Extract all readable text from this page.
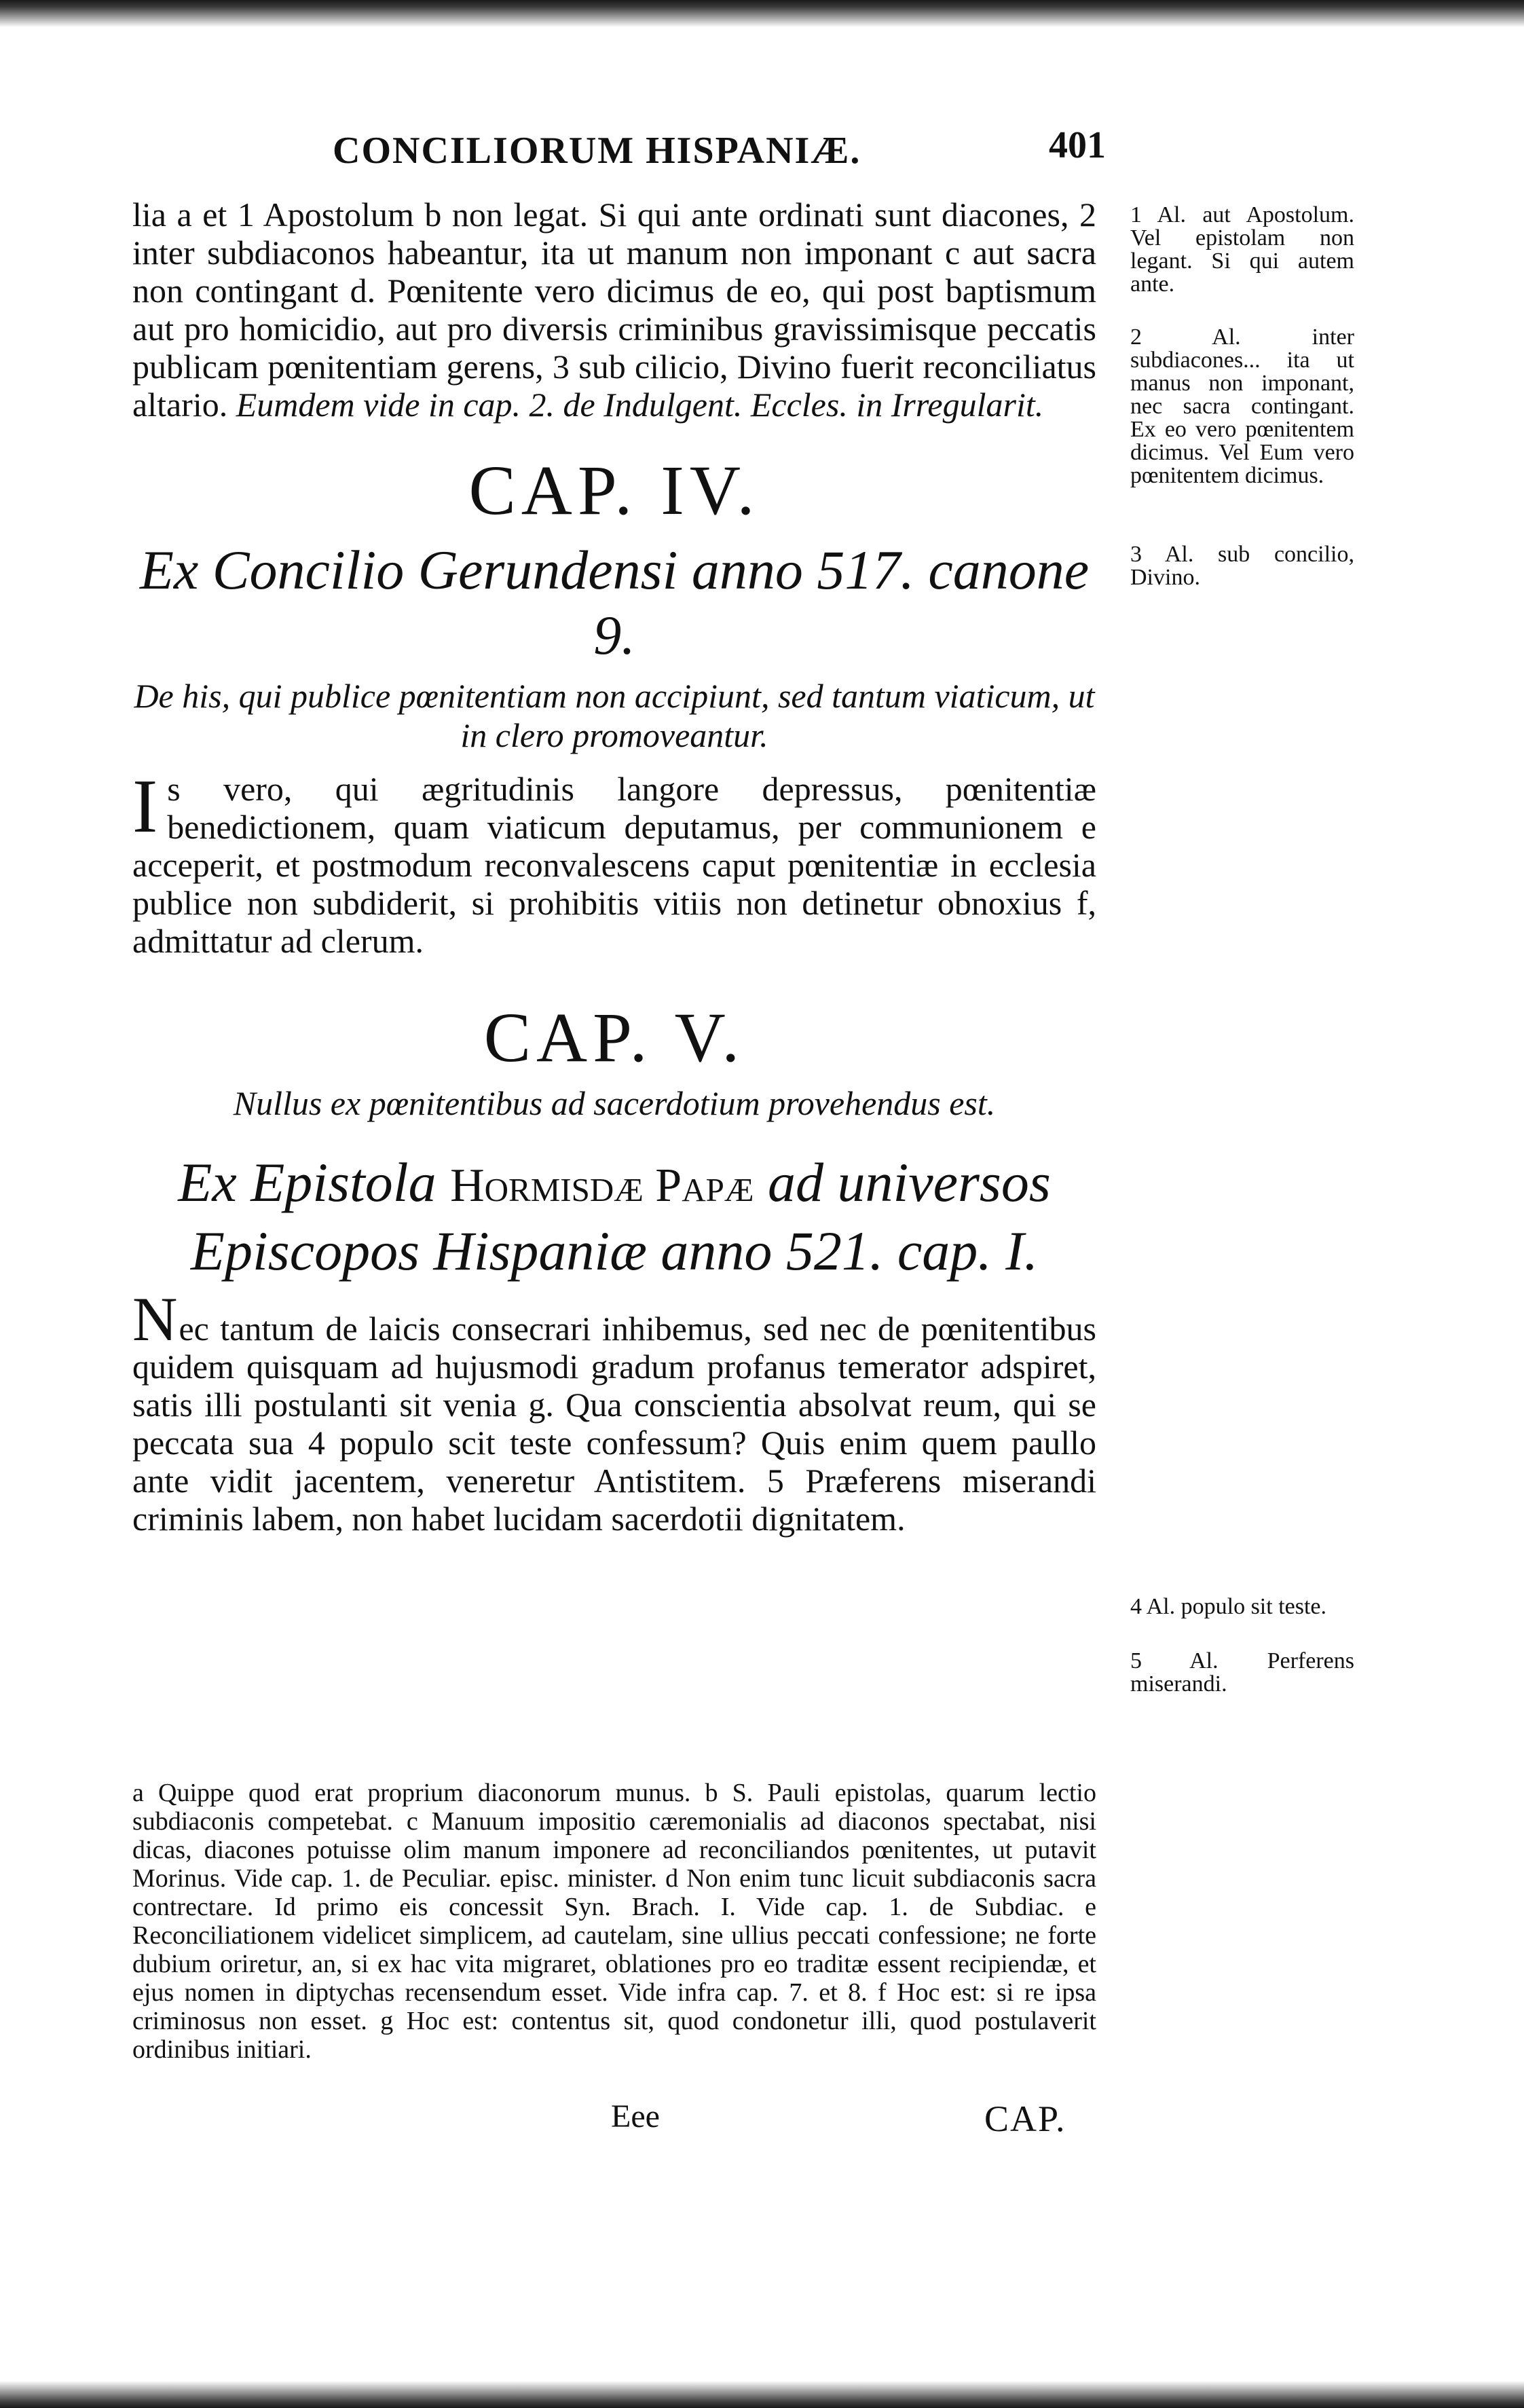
CONCILIORUM HISPANIÆ.	401

lia a et 1 Apostolum b non legat. Si qui ante ordinati sunt diacones, 2 inter subdiaconos habeantur, ita ut manum non imponant c aut sacra non contingant d. Pœnitente vero dicimus de eo, qui post baptismum aut pro homicidio, aut pro diversis criminibus gravissimisque peccatis publicam pœnitentiam gerens, 3 sub cilicio, Divino fuerit reconciliatus altario. Eumdem vide in cap. 2. de Indulgent. Eccles. in Irregularit.

CAP. IV.
Ex Concilio Gerundensi anno 517. canone 9.
De his, qui publice pœnitentiam non accipiunt, sed tantum viaticum, ut in clero promoveantur.

Is vero, qui ægritudinis langore depressus, pœnitentiæ benedictionem, quam viaticum deputamus, per communionem e acceperit, et postmodum reconvalescens caput pœnitentiæ in ecclesia publice non subdiderit, si prohibitis vitiis non detinetur obnoxius f, admittatur ad clerum.

CAP. V.
Nullus ex pœnitentibus ad sacerdotium provehendus est.
Ex Epistola Hormisdæ Papæ ad universos
Episcopos Hispaniæ anno 521. cap. I.

Nec tantum de laicis consecrari inhibemus, sed nec de pœnitentibus quidem quisquam ad hujusmodi gradum profanus temerator adspiret, satis illi postulanti sit venia g. Qua conscientia absolvat reum, qui se peccata sua 4 populo scit teste confessum? Quis enim quem paullo ante vidit jacentem, veneretur Antistitem. 5 Præferens miserandi criminis labem, non habet lucidam sacerdotii dignitatem.

1 Al. aut Apostolum. Vel epistolam non legant. Si qui autem ante.
2 Al. inter subdiacones... ita ut manus non imponant, nec sacra contingant. Ex eo vero pœnitentem dicimus. Vel Eum vero pœnitentem dicimus.
3 Al. sub concilio, Divino.
4 Al. populo sit teste.
5 Al. Perferens miserandi.

a Quippe quod erat proprium diaconorum munus. b S. Pauli epistolas, quarum lectio subdiaconis competebat. c Manuum impositio cæremonialis ad diaconos spectabat, nisi dicas, diacones potuisse olim manum imponere ad reconciliandos pœnitentes, ut putavit Morinus. Vide cap. 1. de Peculiar. episc. minister. d Non enim tunc licuit subdiaconis sacra contrectare. Id primo eis concessit Syn. Brach. I. Vide cap. 1. de Subdiac. e Reconciliationem videlicet simplicem, ad cautelam, sine ullius peccati confessione; ne forte dubium oriretur, an, si ex hac vita migraret, oblationes pro eo traditæ essent recipiendæ, et ejus nomen in diptychas recensendum esset. Vide infra cap. 7. et 8. f Hoc est: si re ipsa criminosus non esset. g Hoc est: contentus sit, quod condonetur illi, quod postulaverit ordinibus initiari.

Eee	CAP.
